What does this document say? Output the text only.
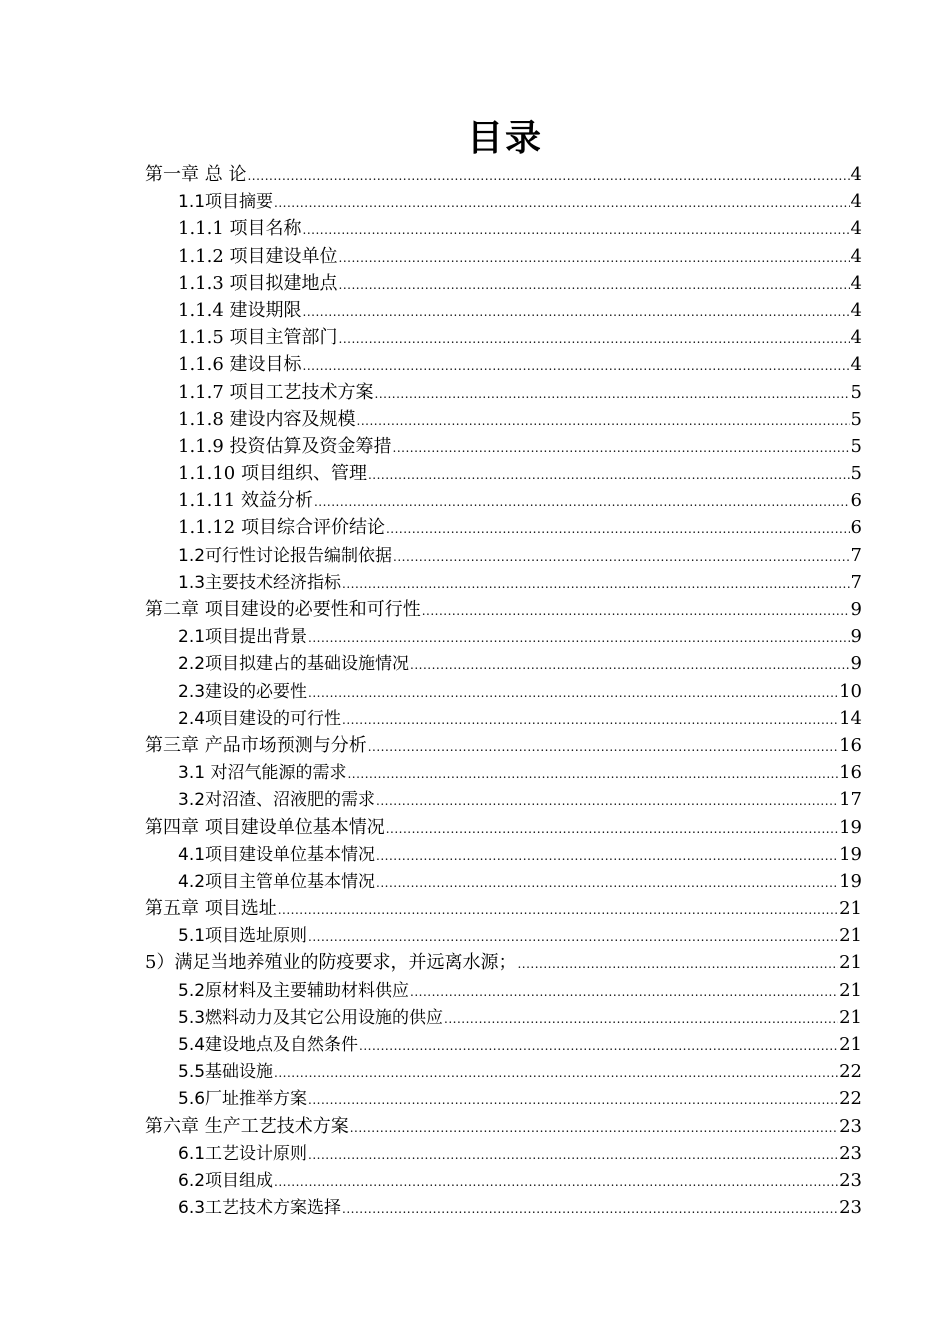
目录
第一章 总 论 .....	4
1.1项目摘要 .....	4
1.1.1 项目名称 .....	4
1.1.2 项目建设单位 .....	4
1.1.3 项目拟建地点 .....	4
1.1.4 建设期限 .....	4
1.1.5 项目主管部门 .....	4
1.1.6 建设目标 .....	4
1.1.7 项目工艺技术方案 .....	5
1.1.8 建设内容及规模 .....	5
1.1.9 投资估算及资金筹措 .....	5
1.1.10 项目组织、管理 .....	5
1.1.11 效益分析 .....	6
1.1.12 项目综合评价结论 .....	6
1.2可行性讨论报告编制依据 .....	7
1.3主要技术经济指标 .....	7
第二章 项目建设的必要性和可行性 .....	9
2.1项目提出背景 .....	9
2.2项目拟建占的基础设施情况 .....	9
2.3建设的必要性 .....	10
2.4项目建设的可行性 .....	14
第三章 产品市场预测与分析 .....	16
3.1 对沼气能源的需求 .....	16
3.2对沼渣、沼液肥的需求 .....	17
第四章 项目建设单位基本情况 .....	19
4.1项目建设单位基本情况 .....	19
4.2项目主管单位基本情况 .....	19
第五章 项目选址 .....	21
5.1项目选址原则 .....	21
5）满足当地养殖业的防疫要求，并远离水源； .....	21
5.2原材料及主要辅助材料供应 .....	21
5.3燃料动力及其它公用设施的供应 .....	21
5.4建设地点及自然条件 .....	21
5.5基础设施 .....	22
5.6厂址推举方案 .....	22
第六章 生产工艺技术方案 .....	23
6.1工艺设计原则 .....	23
6.2项目组成 .....	23
6.3工艺技术方案选择 .....	23
